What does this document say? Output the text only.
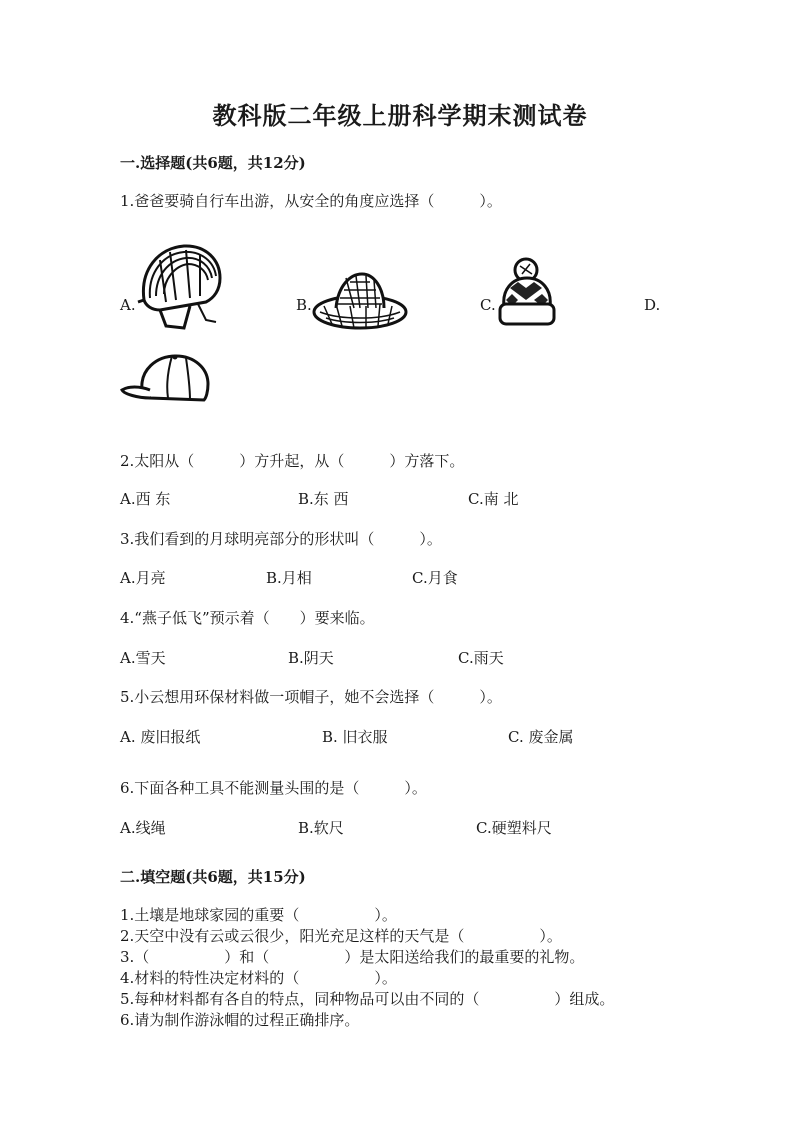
教科版二年级上册科学期末测试卷
一.选择题(共6题，共12分)
1.爸爸要骑自行车出游，从安全的角度应选择（　　　）。
A.	B.	C.	D.
2.太阳从（　　　）方升起，从（　　　）方落下。
A.西 东	B.东 西	C.南 北
3.我们看到的月球明亮部分的形状叫（　　　）。
A.月亮	B.月相	C.月食
4.“燕子低飞”预示着（　　）要来临。
A.雪天	B.阴天	C.雨天
5.小云想用环保材料做一项帽子，她不会选择（　　　）。
A. 废旧报纸	B. 旧衣服	C. 废金属
6.下面各种工具不能测量头围的是（　　　）。
A.线绳	B.软尺	C.硬塑料尺
二.填空题(共6题，共15分)
1.土壤是地球家园的重要（　　　　　）。
2.天空中没有云或云很少，阳光充足这样的天气是（　　　　　）。
3.（　　　　　）和（　　　　　）是太阳送给我们的最重要的礼物。
4.材料的特性决定材料的（　　　　　）。
5.每种材料都有各自的特点，同种物品可以由不同的（　　　　　）组成。
6.请为制作游泳帽的过程正确排序。
